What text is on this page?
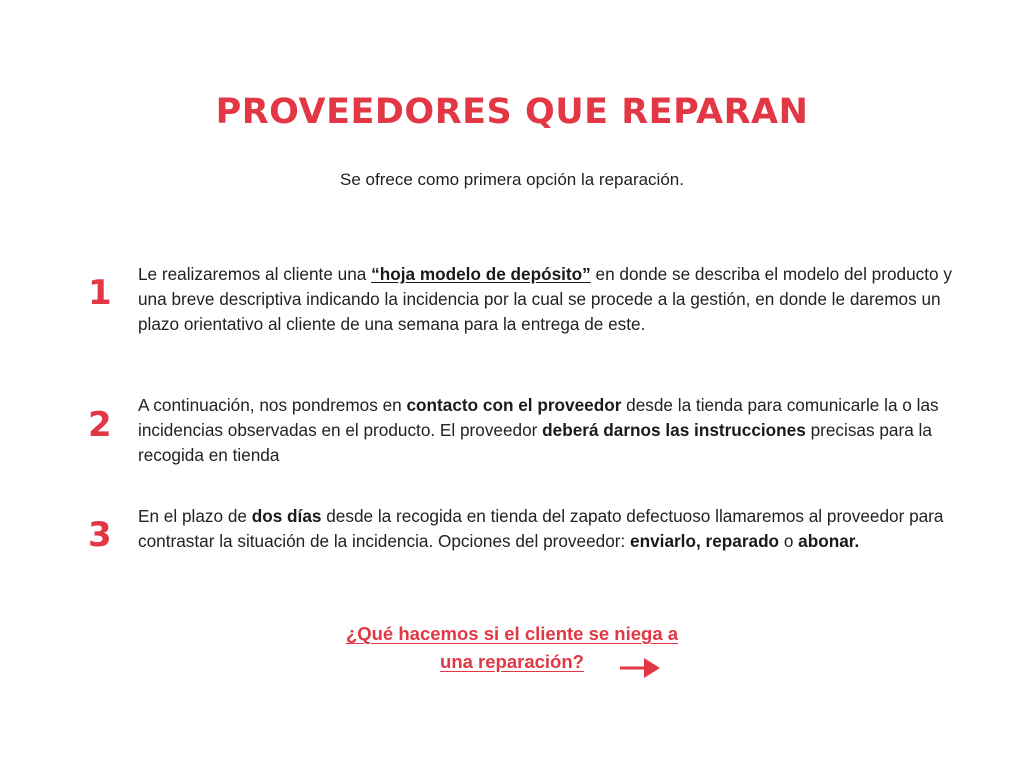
PROVEEDORES QUE REPARAN
Se ofrece como primera opción la reparación.
1	Le realizaremos al cliente una “hoja modelo de depósito” en donde se describa el modelo del producto y una breve descriptiva indicando la incidencia por la cual se procede a la gestión, en donde le daremos un plazo orientativo al cliente de una semana para la entrega de este.
2	A continuación, nos pondremos en contacto con el proveedor desde la tienda para comunicarle la o las incidencias observadas en el producto. El proveedor deberá darnos las instrucciones precisas para la recogida en tienda
3	En el plazo de dos días desde la recogida en tienda del zapato defectuoso llamaremos al proveedor para contrastar la situación de la incidencia. Opciones del proveedor: enviarlo, reparado o abonar.
¿Qué hacemos si el cliente se niega a
una reparación?
